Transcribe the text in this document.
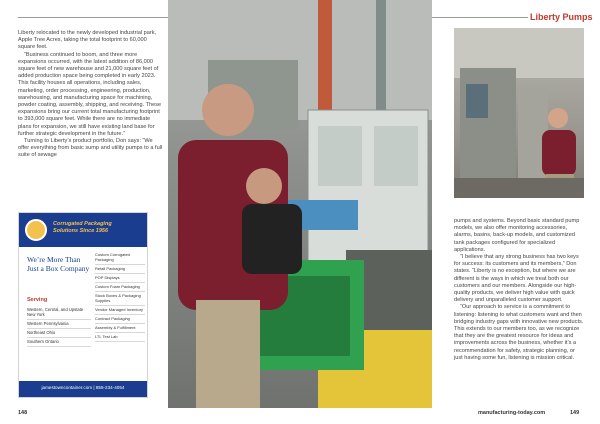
Liberty Pumps

Liberty relocated to the newly developed industrial park, Apple Tree Acres, taking the total footprint to 60,000 square feet.

“Business continued to boom, and three more expansions occurred, with the latest addition of 86,000 square feet of new warehouse and 21,000 square feet of added production space being completed in early 2023. This facility houses all operations, including sales, marketing, order processing, engineering, production, warehousing, and manufacturing space for machining, powder coating, assembly, shipping, and receiving. These expansions bring our current total manufacturing footprint to 393,000 square feet. While there are no immediate plans for expansion, we still have existing land base for further strategic development in the future.”

Turning to Liberty’s product portfolio, Don says: “We offer everything from basic sump and utility pumps to a full suite of sewage

pumps and systems. Beyond basic standard pump models, we also offer monitoring accessories, alarms, basins, back-up models, and customized tank packages configured for specialized applications.

“I believe that any strong business has two keys for success: its customers and its members,” Don states. “Liberty is no exception, but where we are different is the ways in which we treat both our customers and our members. Alongside our high-quality products, we deliver high value with quick delivery and unparalleled customer support.

“Our approach to service is a commitment to listening: listening to what customers want and then bridging industry gaps with innovative new products. This extends to our members too, as we recognize that they are the greatest resource for ideas and improvements across the business, whether it’s a recommendation for safety, strategic planning, or just having some fun, listening is mission critical.

Corrugated Packaging
Solutions Since 1956
We’re More Than Just a Box Company
Serving
Western, Central, and Upstate New York
Western Pennsylvania
Northeast Ohio
Southern Ontario
Custom Corrugated Packaging
Retail Packaging
POP Displays
Custom Foam Packaging
Stock Boxes & Packaging Supplies
Vendor Managed Inventory
Contract Packaging
Assembly & Fulfillment
LTL Test Lab
jamestowncontainer.com | 855-234-4054
148	manufacturing-today.com	149
